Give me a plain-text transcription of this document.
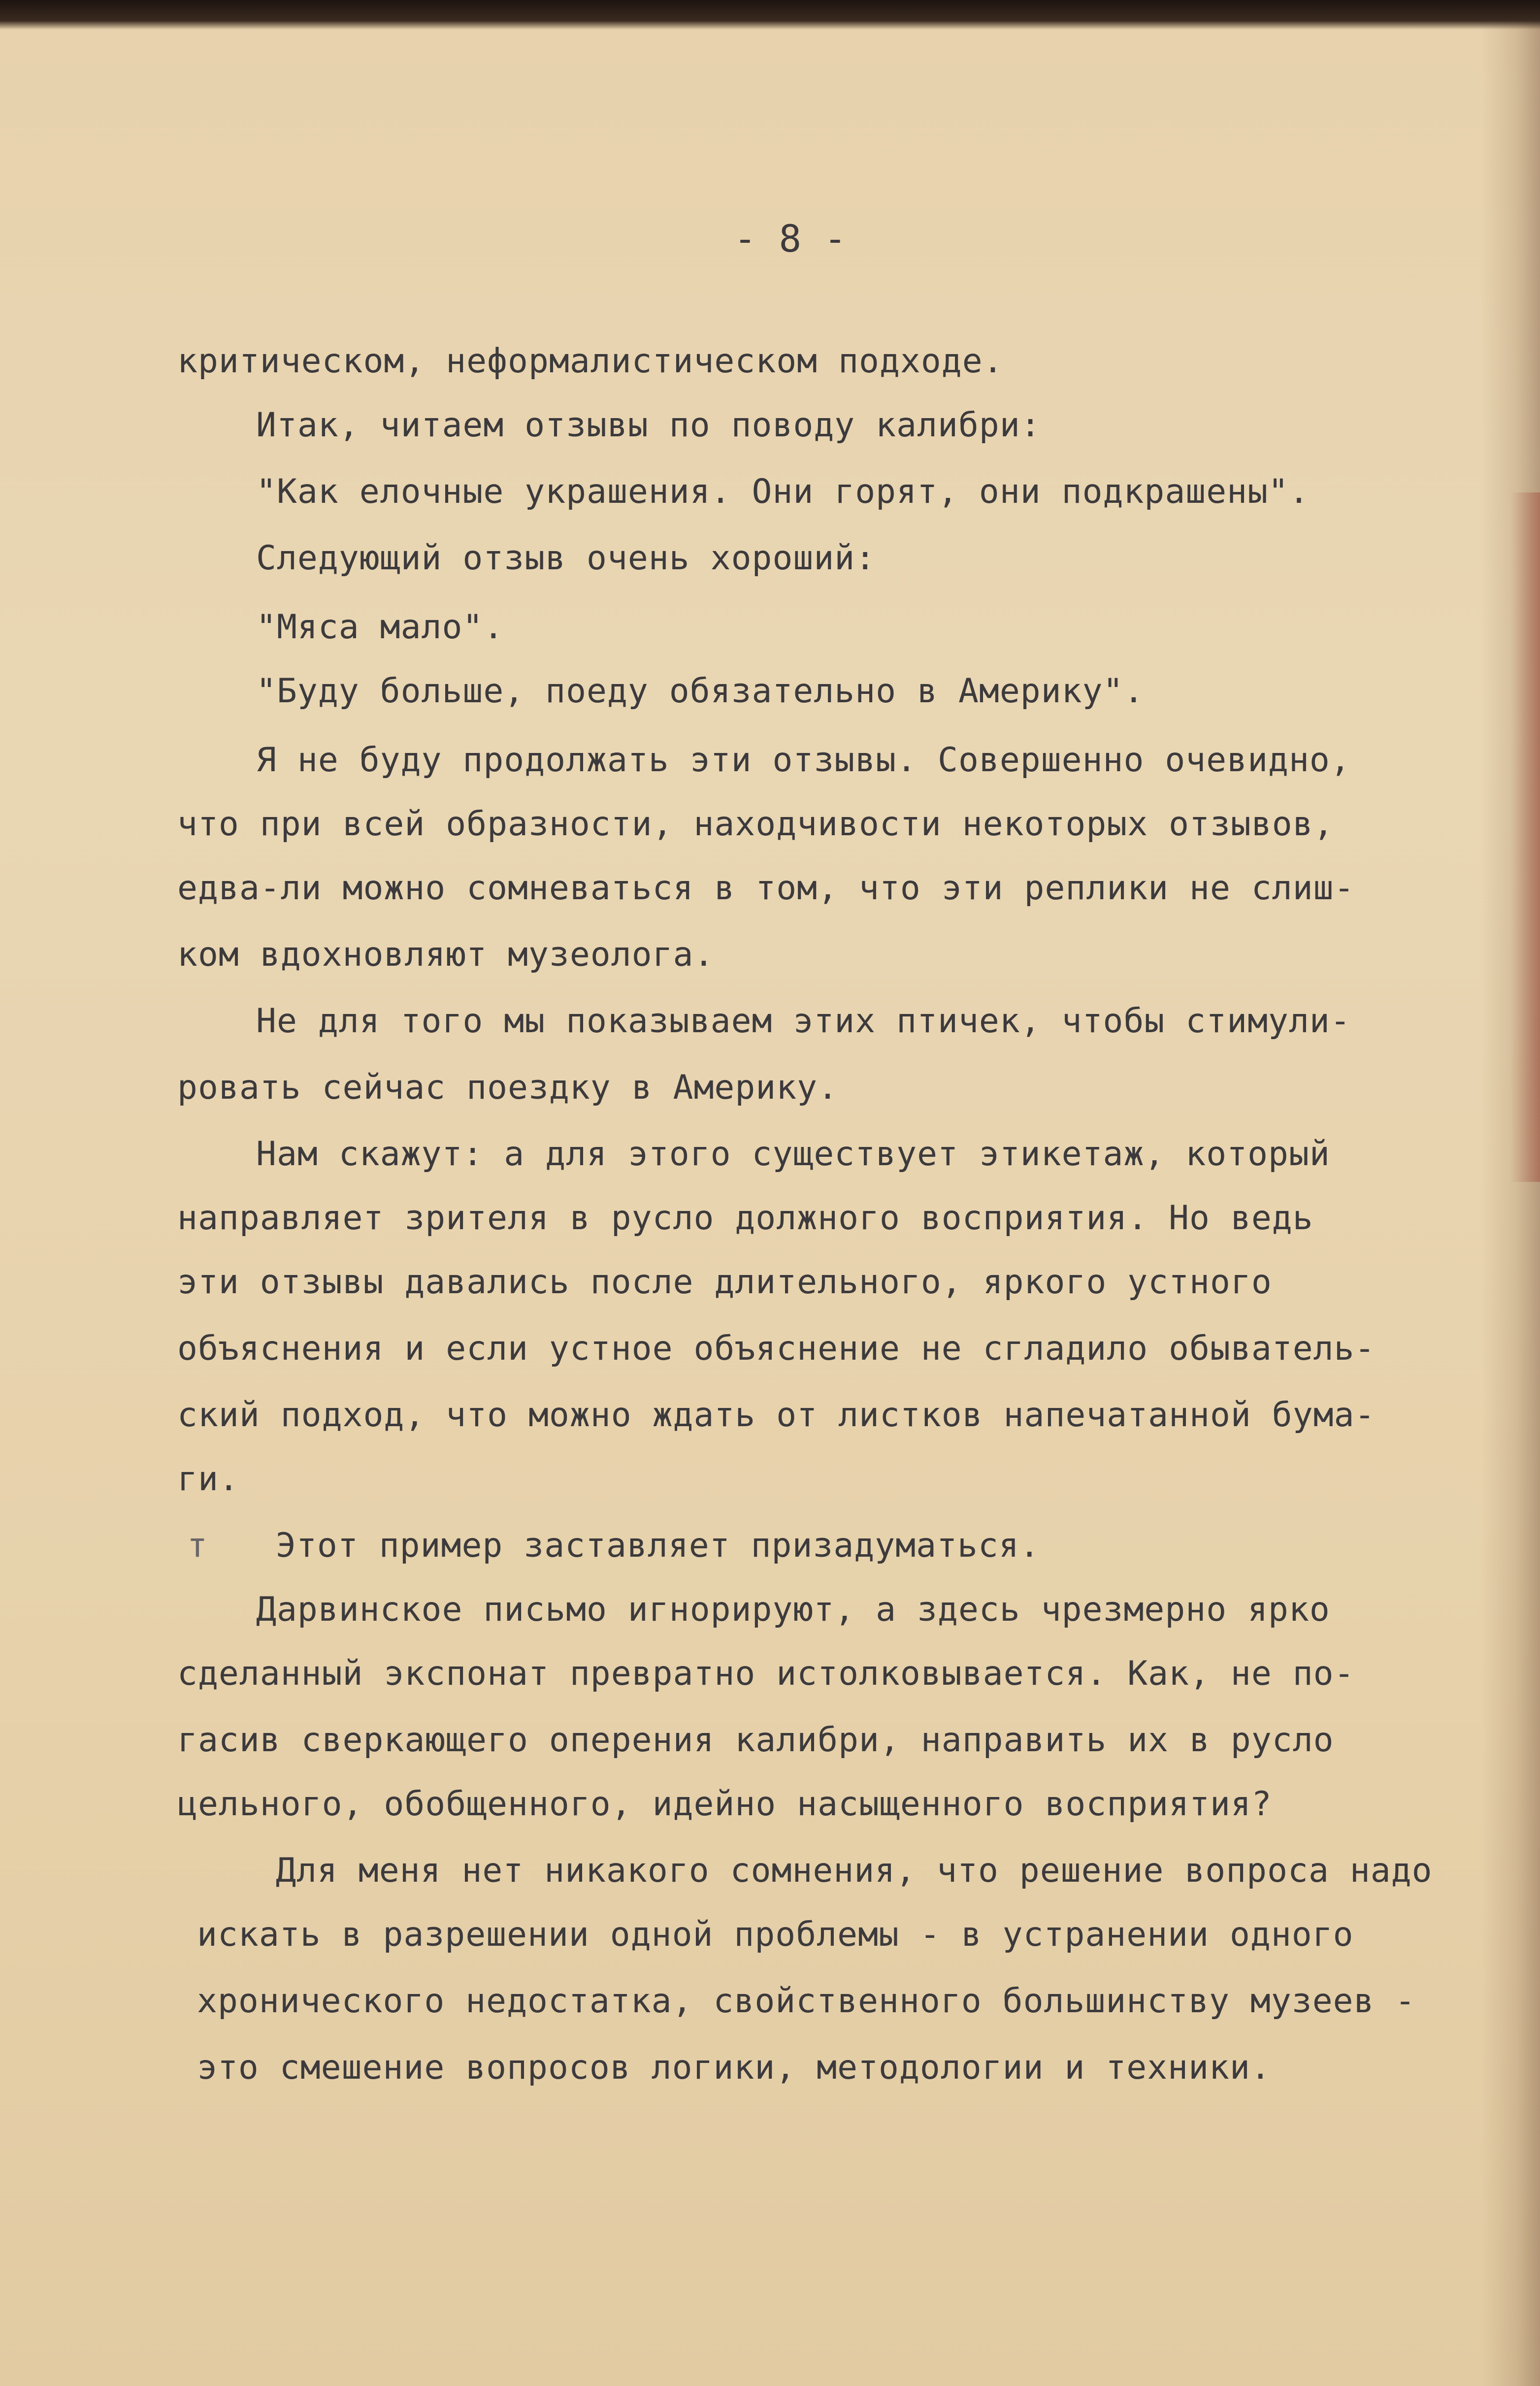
- 8 -
критическом, неформалистическом подходе.
Итак, читаем отзывы по поводу калибри:
"Как елочные украшения. Они горят, они подкрашены".
Следующий отзыв очень хороший:
"Мяса мало".
"Буду больше, поеду обязательно в Америку".
Я не буду продолжать эти отзывы. Совершенно очевидно,
что при всей образности, находчивости некоторых отзывов,
едва-ли можно сомневаться в том, что эти реплики не слиш-
ком вдохновляют музеолога.
Не для того мы показываем этих птичек, чтобы стимули-
ровать сейчас поездку в Америку.
Нам скажут: а для этого существует этикетаж, который
направляет зрителя в русло должного восприятия. Но ведь
эти отзывы давались после длительного, яркого устного
объяснения и если устное объяснение не сгладило обыватель-
ский подход, что можно ждать от листков напечатанной бума-
ги.
т Этот пример заставляет призадуматься.
Дарвинское письмо игнорируют, а здесь чрезмерно ярко
сделанный экспонат превратно истолковывается. Как, не по-
гасив сверкающего оперения калибри, направить их в русло
цельного, обобщенного, идейно насыщенного восприятия?
Для меня нет никакого сомнения, что решение вопроса надо
искать в разрешении одной проблемы - в устранении одного
хронического недостатка, свойственного большинству музеев -
это смешение вопросов логики, методологии и техники.
